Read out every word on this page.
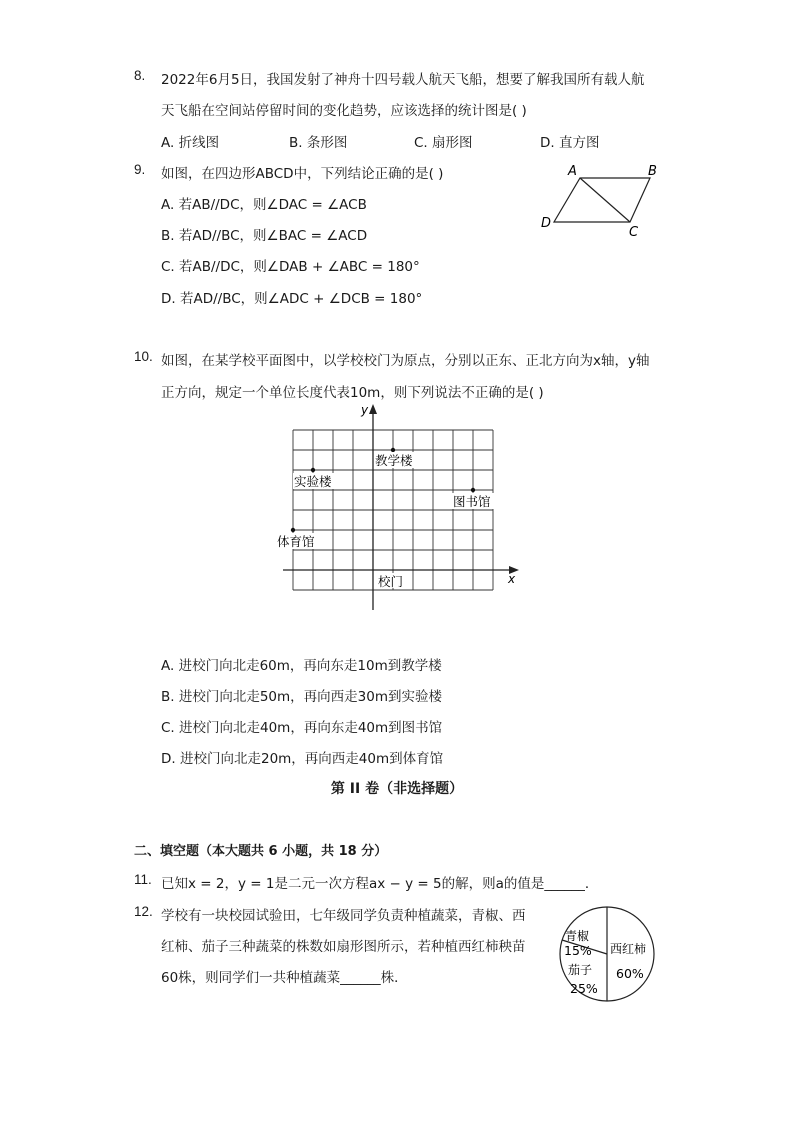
8. 2022年6月5日，我国发射了神舟十四号载人航天飞船，想要了解我国所有载人航
天飞船在空间站停留时间的变化趋势，应该选择的统计图是( )
A. 折线图	B. 条形图	C. 扇形图	D. 直方图
9. 如图，在四边形ABCD中，下列结论正确的是( )
A. 若AB//DC，则∠DAC = ∠ACB
B. 若AD//BC，则∠BAC = ∠ACD
C. 若AB//DC，则∠DAB + ∠ABC = 180°
D. 若AD//BC，则∠ADC + ∠DCB = 180°
A	B
C
D
10. 如图，在某学校平面图中，以学校校门为原点，分别以正东、正北方向为x轴，y轴
正方向，规定一个单位长度代表10m，则下列说法不正确的是( )
y
x
教学楼
实验楼
图书馆
体育馆
校门
A. 进校门向北走60m，再向东走10m到教学楼
B. 进校门向北走50m，再向西走30m到实验楼
C. 进校门向北走40m，再向东走40m到图书馆
D. 进校门向北走20m，再向西走40m到体育馆
第 II 卷（非选择题）
二、填空题（本大题共 6 小题，共 18 分）
11. 已知x = 2，y = 1是二元一次方程ax − y = 5的解，则a的值是______．
12. 学校有一块校园试验田，七年级同学负责种植蔬菜，青椒、西
红柿、茄子三种蔬菜的株数如扇形图所示，若种植西红柿秧苗
60株，则同学们一共种植蔬菜______株．
青椒
15% 西红柿
60%
茄子
25%
